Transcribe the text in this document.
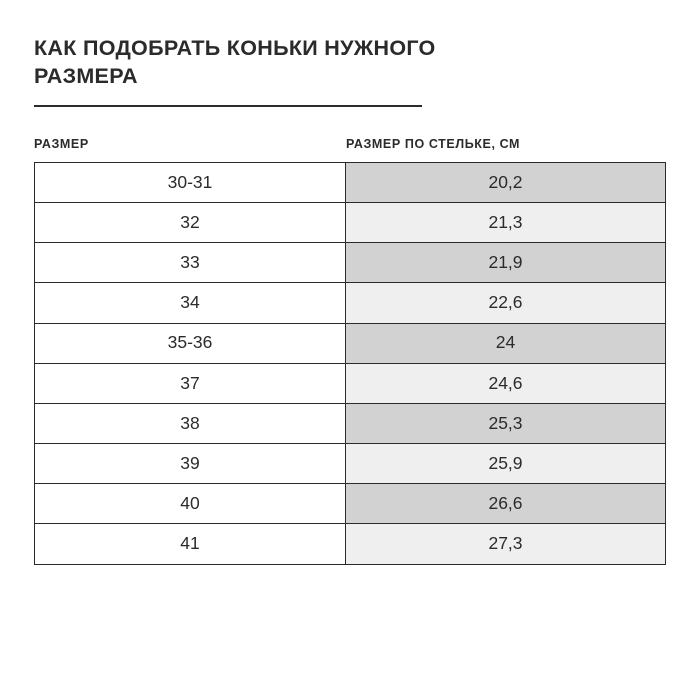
КАК ПОДОБРАТЬ КОНЬКИ НУЖНОГО РАЗМЕРА
РАЗМЕР	РАЗМЕР ПО СТЕЛЬКЕ, СМ
30-31	20,2
32	21,3
33	21,9
34	22,6
35-36	24
37	24,6
38	25,3
39	25,9
40	26,6
41	27,3
